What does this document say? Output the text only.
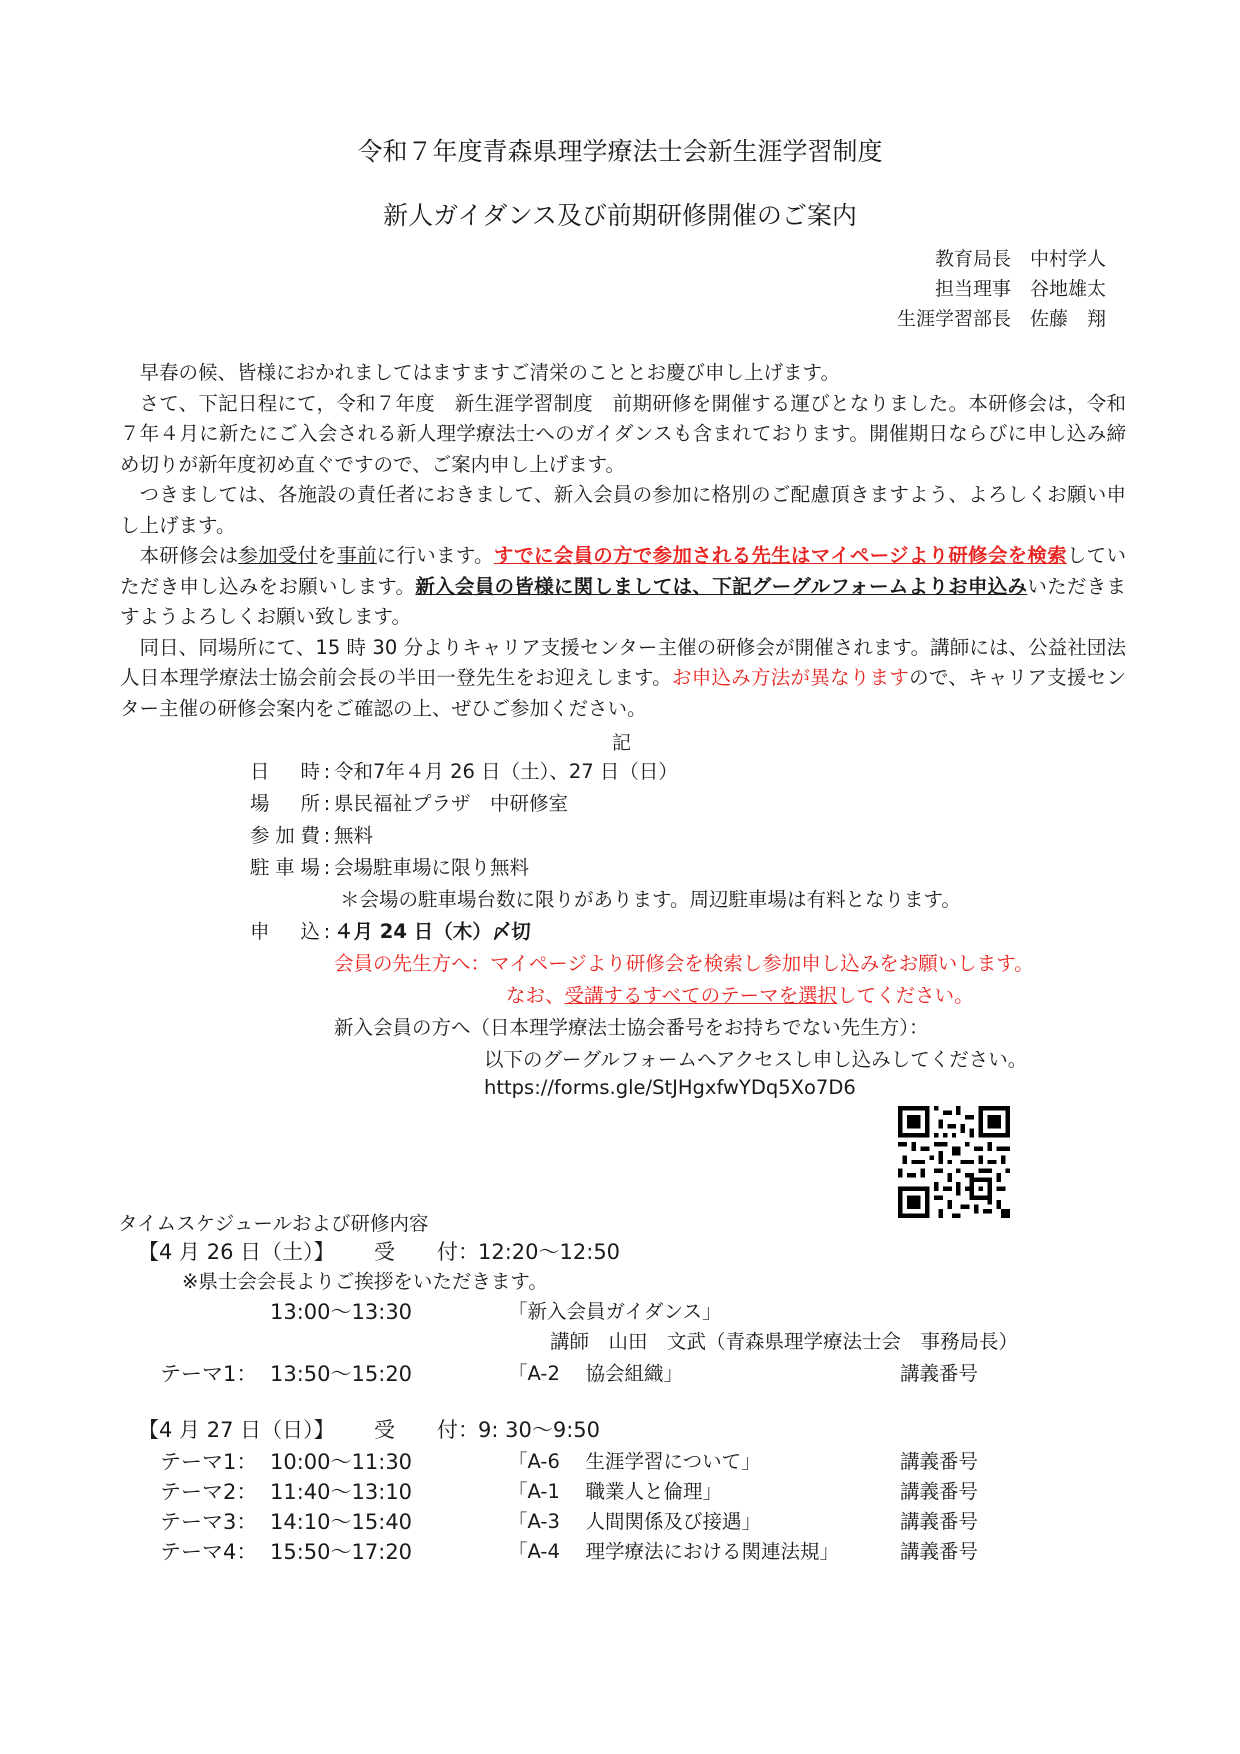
令和７年度青森県理学療法士会新生涯学習制度
新人ガイダンス及び前期研修開催のご案内
教育局長　中村学人
担当理事　谷地雄太
生涯学習部長　佐藤　翔

早春の候、皆様におかれましてはますますご清栄のこととお慶び申し上げます。

さて、下記日程にて，令和７年度　新生涯学習制度　前期研修を開催する運びとなりました。本研修会は，令和７年４月に新たにご入会される新人理学療法士へのガイダンスも含まれております。開催期日ならびに申し込み締め切りが新年度初め直ぐですので、ご案内申し上げます。

つきましては、各施設の責任者におきまして、新入会員の参加に格別のご配慮頂きますよう、よろしくお願い申し上げます。

本研修会は参加受付を事前に行います。すでに会員の方で参加される先生はマイページより研修会を検索していただき申し込みをお願いします。新入会員の皆様に関しましては、下記グーグルフォームよりお申込みいただきますようよろしくお願い致します。

同日、同場所にて、15 時 30 分よりキャリア支援センター主催の研修会が開催されます。講師には、公益社団法人日本理学療法士協会前会長の半田一登先生をお迎えします。お申込み方法が異なりますので、キャリア支援センター主催の研修会案内をご確認の上、ぜひご参加ください。

記
日時 : 令和7年４月 26 日（土）、27 日（日）
場所 : 県民福祉プラザ　中研修室
参加費 : 無料
駐車場 : 会場駐車場に限り無料
＊会場の駐車場台数に限りがあります。周辺駐車場は有料となります。
申込 : ４月 24 日（木）〆切
会員の先生方へ：マイページより研修会を検索し参加申し込みをお願いします。
なお、受講するすべてのテーマを選択してください。
新入会員の方へ（日本理学療法士協会番号をお持ちでない先生方）：
以下のグーグルフォームへアクセスし申し込みしてください。
https://forms.gle/StJHgxfwYDq5Xo7D6
タイムスケジュールおよび研修内容
【4 月 26 日（土）】 受　　付： 12:20～12:50
※県士会会長よりご挨拶をいただきます。
13:00～13:30	「新入会員ガイダンス」
講師　山田　文武（青森県理学療法士会　事務局長）
テーマ1： 13:50～15:20	「A-2　 協会組織」	講義番号
【4 月 27 日（日）】 受　　付： 9: 30～9:50
テーマ1： 10:00～11:30	「A-6　 生涯学習について」	講義番号
テーマ2： 11:40～13:10	「A-1　 職業人と倫理」	講義番号
テーマ3： 14:10～15:40	「A-3　 人間関係及び接遇」	講義番号
テーマ4： 15:50～17:20	「A-4　 理学療法における関連法規」	講義番号
